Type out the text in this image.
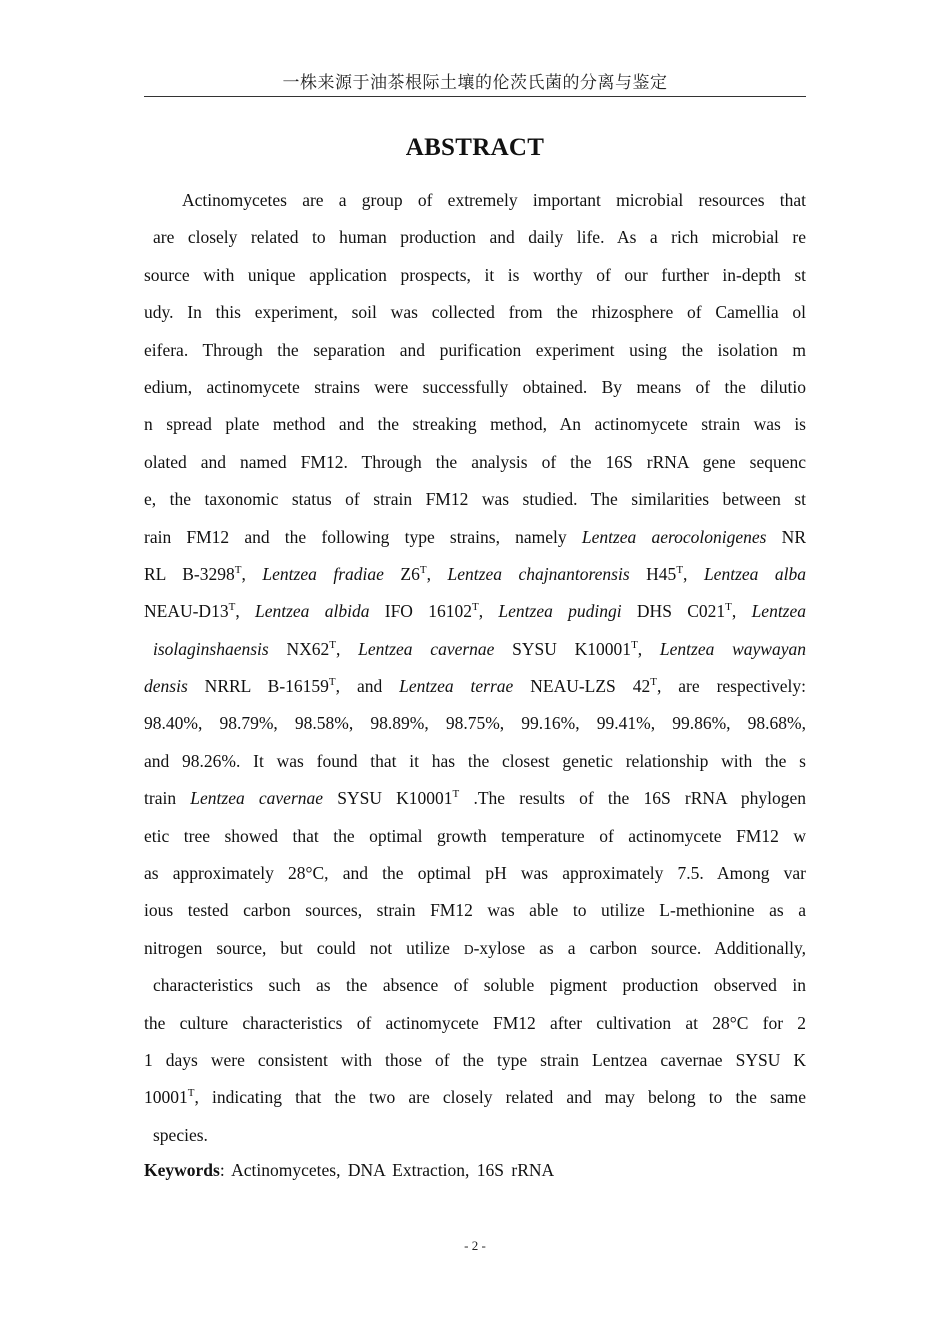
一株来源于油茶根际土壤的伦茨氏菌的分离与鉴定
ABSTRACT
Actinomycetes are a group of extremely important microbial resources that
are closely related to human production and daily life. As a rich microbial re
source with unique application prospects, it is worthy of our further in-depth st
udy. In this experiment, soil was collected from the rhizosphere of Camellia ol
eifera. Through the separation and purification experiment using the isolation m
edium, actinomycete strains were successfully obtained. By means of the dilutio
n spread plate method and the streaking method, An actinomycete strain was is
olated and named FM12. Through the analysis of the 16S rRNA gene sequenc
e, the taxonomic status of strain FM12 was studied. The similarities between st
rain FM12 and the following type strains, namely Lentzea aerocolonigenes NR
RL $B-3298^T$, Lentzea fradiae $Z6^T$, Lentzea chajnantorensis $H45^T$, Lentzea alba
NEAU-$D13^T$, Lentzea albida IFO $16102^T$, Lentzea pudingi DHS $C021^T$, Lentzea
isolaginshaensis $NX62^T$, Lentzea cavernae SYSU $K10001^T$, Lentzea waywayan
densis NRRL $B-16159^T$, and Lentzea terrae NEAU-LZS $42^T$, are respectively:
98.40%, 98.79%, 98.58%, 98.89%, 98.75%, 99.16%, 99.41%, 99.86%, 98.68%,
and 98.26%. It was found that it has the closest genetic relationship with the s
train Lentzea cavernae SYSU $K10001^T$ .The results of the 16S rRNA phylogen
etic tree showed that the optimal growth temperature of actinomycete FM12 w
as approximately 28°C, and the optimal pH was approximately 7.5. Among var
ious tested carbon sources, strain FM12 was able to utilize L-methionine as a
nitrogen source, but could not utilize D-xylose as a carbon source. Additionally,
characteristics such as the absence of soluble pigment production observed in
the culture characteristics of actinomycete FM12 after cultivation at 28°C for 2
1 days were consistent with those of the type strain Lentzea cavernae SYSU K
$10001^T$, indicating that the two are closely related and may belong to the same
species.
Keywords: Actinomycetes, DNA Extraction, 16S rRNA
- 2 -
